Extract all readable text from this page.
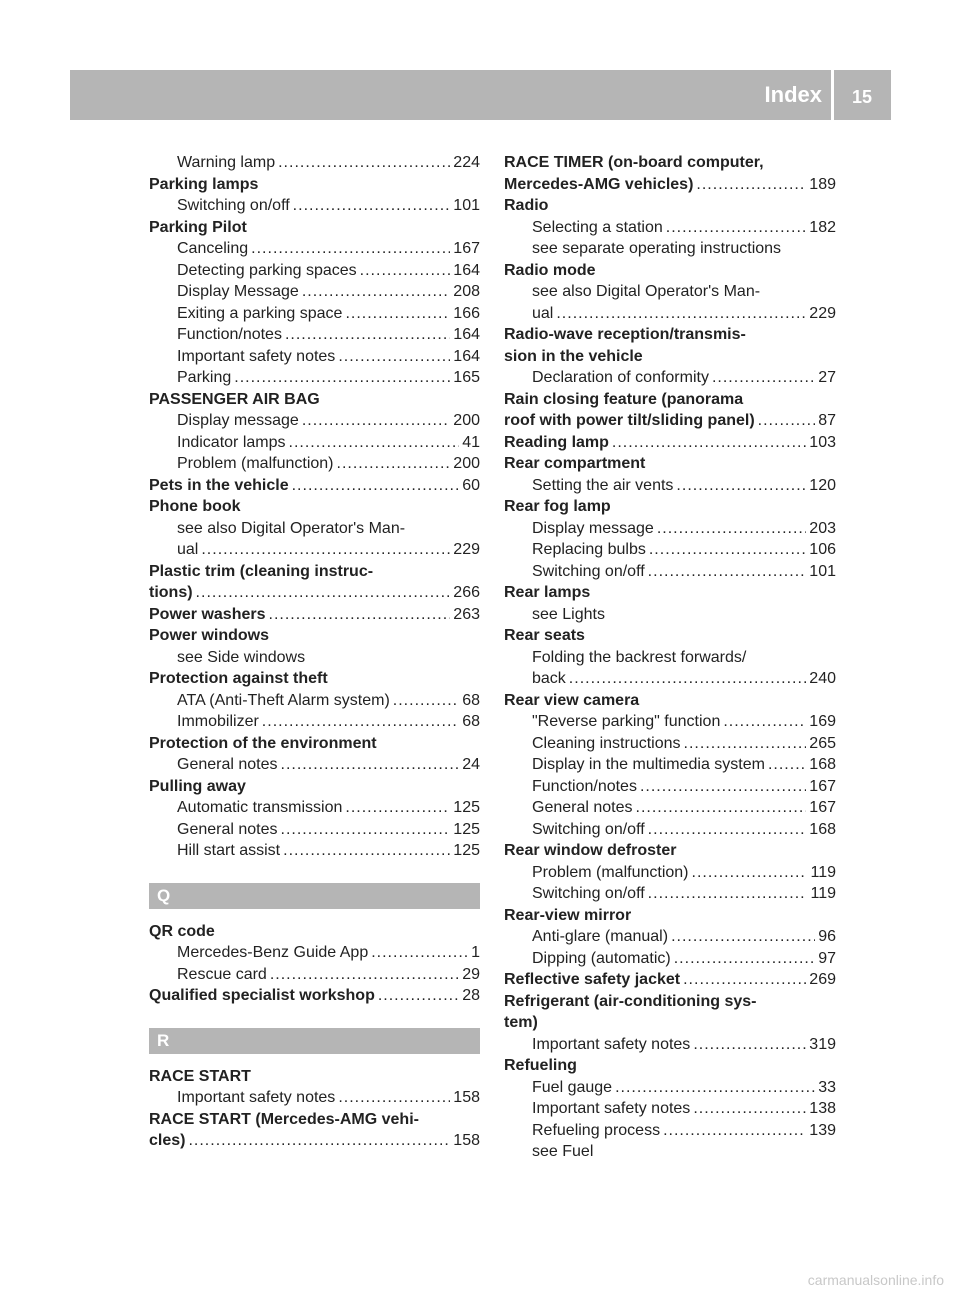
Index 15
Warning lamp .....	224
Parking lamps
Switching on/off .....	101
Parking Pilot
Canceling .....	167
Detecting parking spaces .....	164
Display Message .....	208
Exiting a parking space .....	166
Function/notes .....	164
Important safety notes .....	164
Parking .....	165
PASSENGER AIR BAG
Display message .....	200
Indicator lamps .....	41
Problem (malfunction) .....	200
Pets in the vehicle .....	60
Phone book
see also Digital Operator's Man-
ual .....	229
Plastic trim (cleaning instruc-
tions) .....	266
Power washers .....	263
Power windows
see Side windows
Protection against theft
ATA (Anti-Theft Alarm system) .....	68
Immobilizer .....	68
Protection of the environment
General notes .....	24
Pulling away
Automatic transmission .....	125
General notes .....	125
Hill start assist .....	125
Q
QR code
Mercedes-Benz Guide App .....	1
Rescue card .....	29
Qualified specialist workshop .....	28
R
RACE START
Important safety notes .....	158
RACE START (Mercedes-AMG vehi-
cles) .....	158
RACE TIMER (on-board computer,
Mercedes-AMG vehicles) .....	189
Radio
Selecting a station .....	182
see separate operating instructions
Radio mode
see also Digital Operator's Man-
ual .....	229
Radio-wave reception/transmis-
sion in the vehicle
Declaration of conformity .....	27
Rain closing feature (panorama
roof with power tilt/sliding panel) .....	87
Reading lamp .....	103
Rear compartment
Setting the air vents .....	120
Rear fog lamp
Display message .....	203
Replacing bulbs .....	106
Switching on/off .....	101
Rear lamps
see Lights
Rear seats
Folding the backrest forwards/
back .....	240
Rear view camera
"Reverse parking" function .....	169
Cleaning instructions .....	265
Display in the multimedia system .....	168
Function/notes .....	167
General notes .....	167
Switching on/off .....	168
Rear window defroster
Problem (malfunction) .....	119
Switching on/off .....	119
Rear-view mirror
Anti-glare (manual) .....	96
Dipping (automatic) .....	97
Reflective safety jacket .....	269
Refrigerant (air-conditioning sys-
tem)
Important safety notes .....	319
Refueling
Fuel gauge .....	33
Important safety notes .....	138
Refueling process .....	139
see Fuel
carmanualsonline.info
